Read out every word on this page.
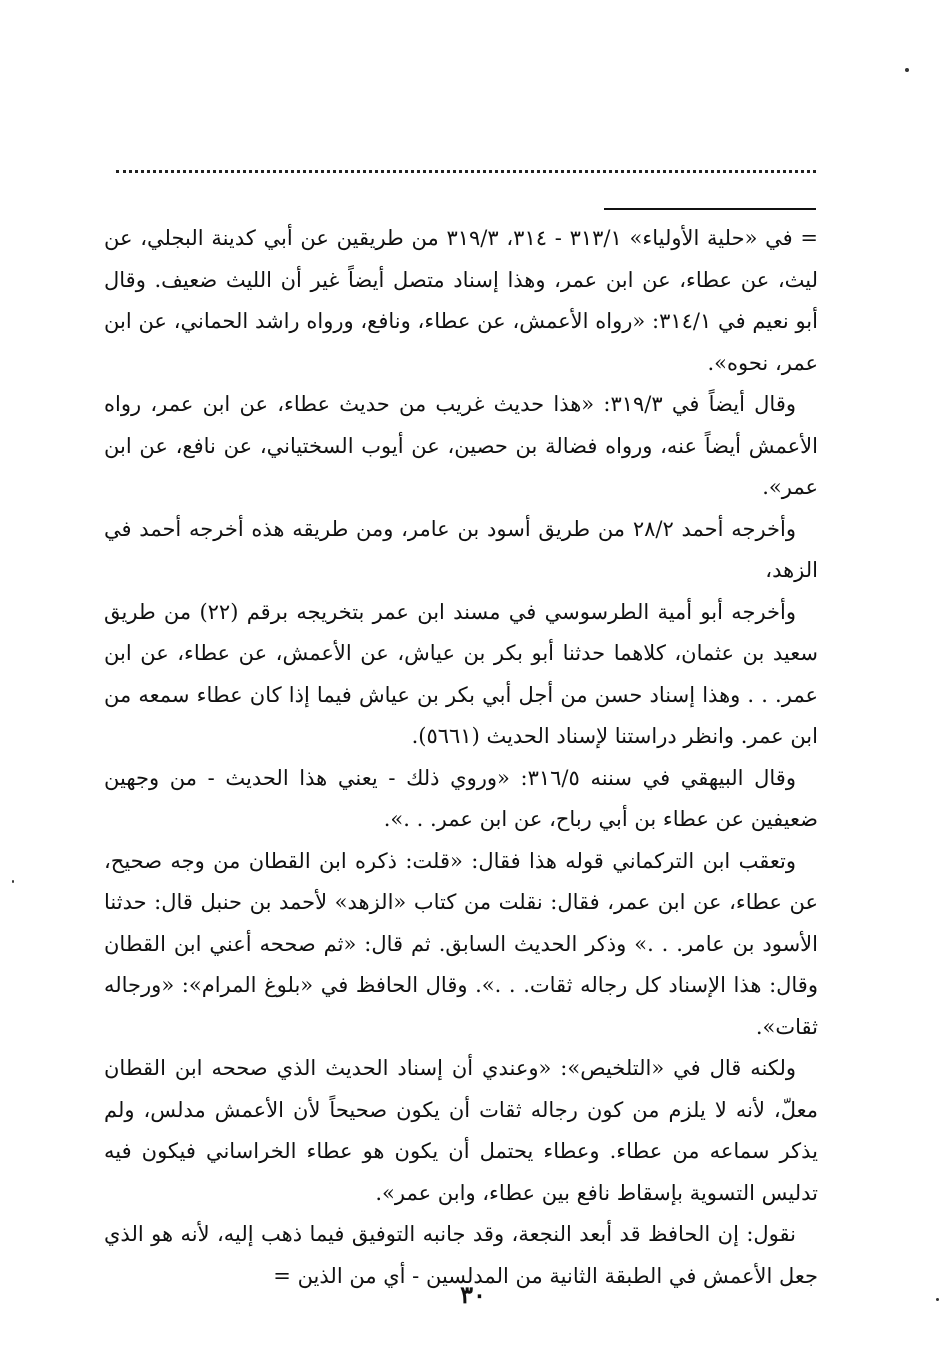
= في «حلية الأولياء» ٣١٣/١ - ٣١٤، ٣١٩/٣ من طريقين عن أبي كدينة البجلي، عن ليث، عن عطاء، عن ابن عمر، وهذا إسناد متصل أيضاً غير أن الليث ضعيف. وقال أبو نعيم في ٣١٤/١: «رواه الأعمش، عن عطاء، ونافع، ورواه راشد الحماني، عن ابن عمر، نحوه».

وقال أيضاً في ٣١٩/٣: «هذا حديث غريب من حديث عطاء، عن ابن عمر، رواه الأعمش أيضاً عنه، ورواه فضالة بن حصين، عن أيوب السختياني، عن نافع، عن ابن عمر».

وأخرجه أحمد ٢٨/٢ من طريق أسود بن عامر، ومن طريقه هذه أخرجه أحمد في الزهد،

وأخرجه أبو أمية الطرسوسي في مسند ابن عمر بتخريجه برقم (٢٢) من طريق سعيد بن عثمان، كلاهما حدثنا أبو بكر بن عياش، عن الأعمش، عن عطاء، عن ابن عمر. . . وهذا إسناد حسن من أجل أبي بكر بن عياش فيما إذا كان عطاء سمعه من ابن عمر. وانظر دراستنا لإسناد الحديث (٥٦٦١).

وقال البيهقي في سننه ٣١٦/٥: «وروي ذلك - يعني هذا الحديث - من وجهين ضعيفين عن عطاء بن أبي رباح، عن ابن عمر. . .».

وتعقب ابن التركماني قوله هذا فقال: «قلت: ذكره ابن القطان من وجه صحيح، عن عطاء، عن ابن عمر، فقال: نقلت من كتاب «الزهد» لأحمد بن حنبل قال: حدثنا الأسود بن عامر. . .» وذكر الحديث السابق. ثم قال: «ثم صححه أعني ابن القطان وقال: هذا الإسناد كل رجاله ثقات. . .». وقال الحافظ في «بلوغ المرام»: «ورجاله ثقات».

ولكنه قال في «التلخيص»: «وعندي أن إسناد الحديث الذي صححه ابن القطان معلّ، لأنه لا يلزم من كون رجاله ثقات أن يكون صحيحاً لأن الأعمش مدلس، ولم يذكر سماعه من عطاء. وعطاء يحتمل أن يكون هو عطاء الخراساني فيكون فيه تدليس التسوية بإسقاط نافع بين عطاء، وابن عمر».

نقول: إن الحافظ قد أبعد النجعة، وقد جانبه التوفيق فيما ذهب إليه، لأنه هو الذي جعل الأعمش في الطبقة الثانية من المدلسين - أي من الذين =

٣٠
